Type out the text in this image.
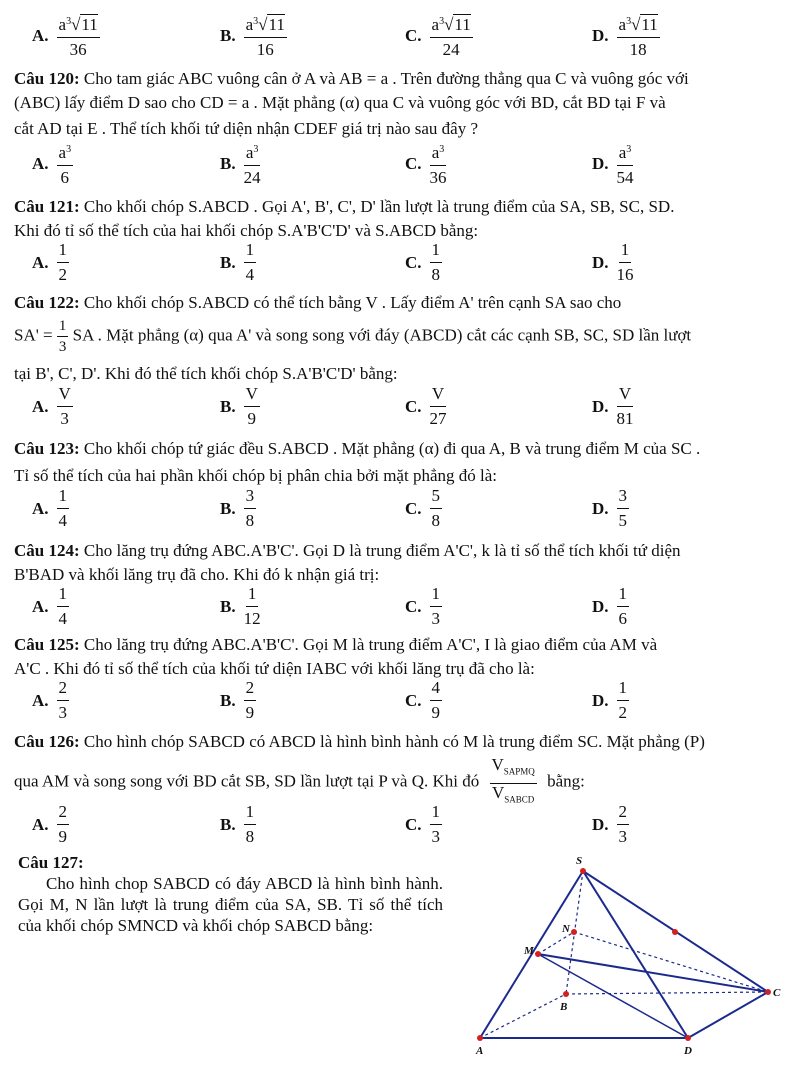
A. $\frac{a^3√11}{36}$	B. $\frac{a^3√11}{16}$	C. $\frac{a^3√11}{24}$	D. $\frac{a^3√11}{18}$
Câu 120: Cho tam giác ABC vuông cân ở A và AB = a . Trên đường thẳng qua C và vuông góc với
(ABC) lấy điểm D sao cho CD = a . Mặt phẳng (α) qua C và vuông góc với BD, cắt BD tại F và
cắt AD tại E . Thể tích khối tứ diện nhận CDEF giá trị nào sau đây ?
A. $\frac{a^3}{6}$	B. $\frac{a^3}{24}$	C. $\frac{a^3}{36}$	D. $\frac{a^3}{54}$
Câu 121: Cho khối chóp S.ABCD . Gọi A', B', C', D' lần lượt là trung điểm của SA, SB, SC, SD.
Khi đó tỉ số thể tích của hai khối chóp S.A'B'C'D' và S.ABCD bằng:
A. $\frac{1}{2}$	B. $\frac{1}{4}$	C. $\frac{1}{8}$	D. $\frac{1}{16}$
Câu 122: Cho khối chóp S.ABCD có thể tích bằng V . Lấy điểm A' trên cạnh SA sao cho
$SA' = \frac{1}{3}$ SA . Mặt phẳng (α) qua A' và song song với đáy (ABCD) cắt các cạnh SB, SC, SD lần lượt
tại B', C', D'. Khi đó thể tích khối chóp S.A'B'C'D' bằng:
A. $\frac{V}{3}$	B. $\frac{V}{9}$	C. $\frac{V}{27}$	D. $\frac{V}{81}$
Câu 123: Cho khối chóp tứ giác đều S.ABCD . Mặt phẳng (α) đi qua A, B và trung điểm M của SC .
Tỉ số thể tích của hai phần khối chóp bị phân chia bởi mặt phẳng đó là:
A. $\frac{1}{4}$	B. $\frac{3}{8}$	C. $\frac{5}{8}$	D. $\frac{3}{5}$
Câu 124: Cho lăng trụ đứng ABC.A'B'C'. Gọi D là trung điểm A'C', k là tỉ số thể tích khối tứ diện
B'BAD và khối lăng trụ đã cho. Khi đó k nhận giá trị:
A. $\frac{1}{4}$	B. $\frac{1}{12}$	C. $\frac{1}{3}$	D. $\frac{1}{6}$
Câu 125: Cho lăng trụ đứng ABC.A'B'C'. Gọi M là trung điểm A'C', I là giao điểm của AM và
A'C . Khi đó tỉ số thể tích của khối tứ diện IABC với khối lăng trụ đã cho là:
A. $\frac{2}{3}$	B. $\frac{2}{9}$	C. $\frac{4}{9}$	D. $\frac{1}{2}$
Câu 126: Cho hình chóp SABCD có ABCD là hình bình hành có M là trung điểm SC. Mặt phẳng (P)
qua AM và song song với BD cắt SB, SD lần lượt tại P và Q. Khi đó $\frac{V_{SAPMQ}}{V_{SABCD}}$ bằng:
A. $\frac{2}{9}$	B. $\frac{1}{8}$	C. $\frac{1}{3}$	D. $\frac{2}{3}$
Câu 127:
Cho hình chop SABCD có đáy ABCD là hình bình hành. Gọi M, N lần lượt là trung điểm của SA, SB. Tỉ số thể tích của khối chóp SMNCD và khối chóp SABCD bằng:
S
N
M
B
C
A	D
